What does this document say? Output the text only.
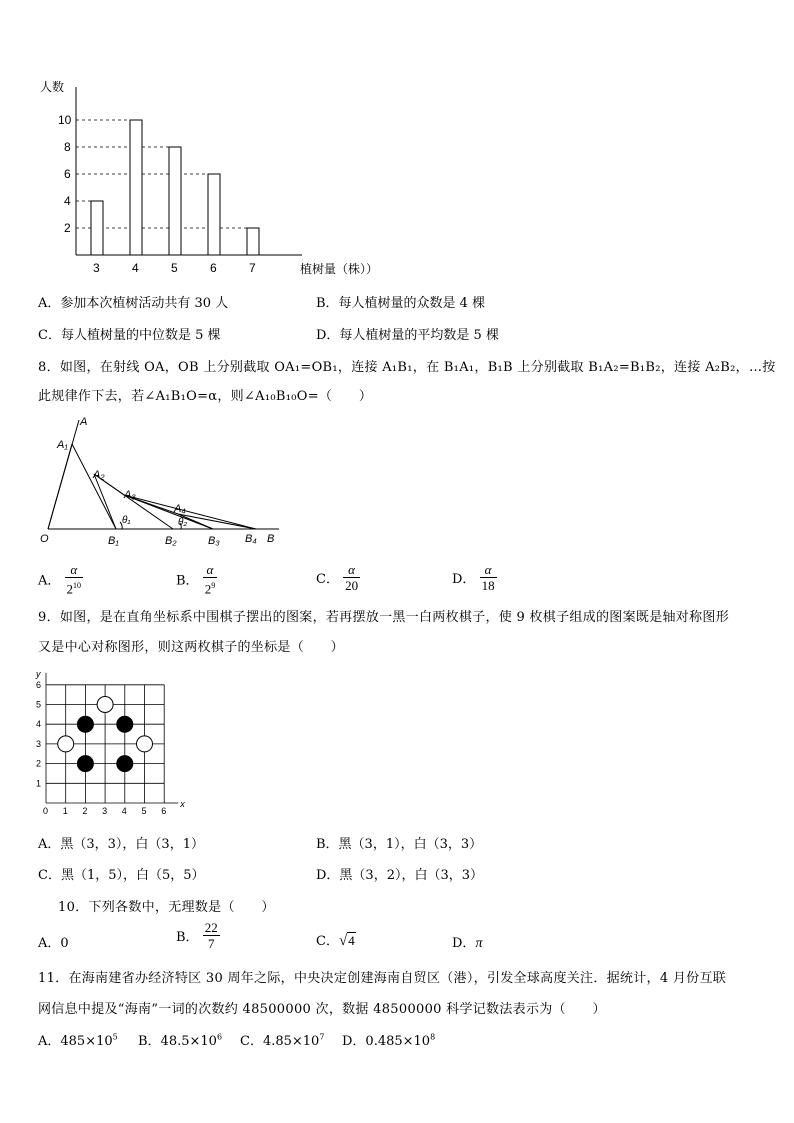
人数
植树量（株））
3
4
4
10
5
8
6
6
7
2
A．参加本次植树活动共有 30 人	B．每人植树量的众数是 4 棵
C．每人植树量的中位数是 5 棵	D．每人植树量的平均数是 5 棵
8．如图，在射线 OA，OB 上分别截取 OA₁=OB₁，连接 A₁B₁，在 B₁A₁，B₁B 上分别截取 B₁A₂=B₁B₂，连接 A₂B₂，…按
此规律作下去，若∠A₁B₁O=α，则∠A₁₀B₁₀O=（　　）
A
A₁
A₂
A₃
A₄
θ₁	θ₂
O	B₁	B₂	B₃ B₄ B
A． $\frac{\alpha}{2^{10}}$	B． $\frac{\alpha}{2^9}$	C． $\frac{\alpha}{20}$	D． $\frac{\alpha}{18}$
9．如图，是在直角坐标系中围棋子摆出的图案，若再摆放一黑一白两枚棋子，使 9 枚棋子组成的图案既是轴对称图形
又是中心对称图形，则这两枚棋子的坐标是（　　）
x
y
0 1 2 3 4 5 6
1
2
3
4
5
6
A．黑（3，3），白（3，1）	B．黑（3，1），白（3，3）
C．黑（1，5），白（5，5）	D．黑（3，2），白（3，3）
10．下列各数中，无理数是（　　）
A．0	B． $\frac{22}{7}$	C．√4	D．π
11．在海南建省办经济特区 30 周年之际，中央决定创建海南自贸区（港），引发全球高度关注．据统计，4 月份互联
网信息中提及“海南”一词的次数约 48500000 次，数据 48500000 科学记数法表示为（　　）
A．$485\times 10^5$ B．$48.5\times 10^6$ C．$4.85\times 10^7$ D．$0.485\times 10^8$
